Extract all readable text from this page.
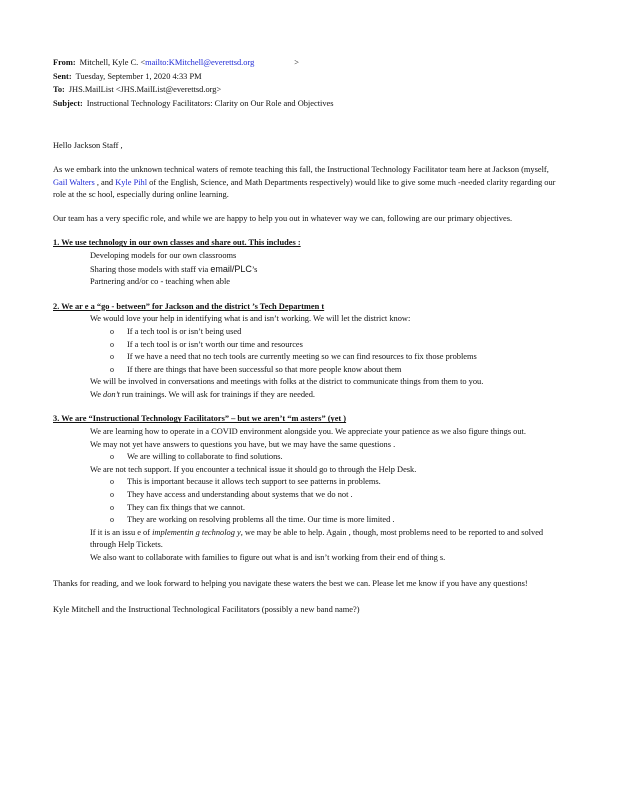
From: Mitchell, Kyle C. <mailto:KMitchell@everettsd.org	>
Sent: Tuesday, September 1, 2020 4:33 PM
To: JHS.MailList <JHS.MailList@everettsd.org>
Subject: Instructional Technology Facilitators: Clarity on Our Role and Objectives

Hello Jackson Staff ,

As we embark into the unknown technical waters of remote teaching this fall, the Instructional Technology Facilitator team here at Jackson (myself, Gail Walters , and Kyle Pihl of the English, Science, and Math Departments respectively) would like to give some much -needed clarity regarding our role at the sc hool, especially during online learning.

Our team has a very specific role, and while we are happy to help you out in whatever way we can, following are our primary objectives.

1. We use technology in our own classes and share out. This includes :
Developing models for our own classrooms
Sharing those models with staff via email/PLC’s
Partnering and/or co - teaching when able
2. We ar e a “go - between” for Jackson and the district ’s Tech Departmen t
We would love your help in identifying what is and isn’t working. We will let the district know:
o If a tech tool is or isn’t being used
o If a tech tool is or isn’t worth our time and resources
o If we have a need that no tech tools are currently meeting so we can find resources to fix those problems
o If there are things that have been successful so that more people know about them
We will be involved in conversations and meetings with folks at the district to communicate things from them to you.
We don’t run trainings. We will ask for trainings if they are needed.
3. We are “Instructional Technology Facilitators” – but we aren’t “m asters” (yet )
We are learning how to operate in a COVID environment alongside you. We appreciate your patience as we also figure things out.
We may not yet have answers to questions you have, but we may have the same questions .
o We are willing to collaborate to find solutions.
We are not tech support. If you encounter a technical issue it should go to through the Help Desk.
o This is important because it allows tech support to see patterns in problems.
o They have access and understanding about systems that we do not .
o They can fix things that we cannot.
o They are working on resolving problems all the time. Our time is more limited .
If it is an issu e of implementin g technolog y, we may be able to help. Again , though, most problems need to be reported to and solved through Help Tickets.
We also want to collaborate with families to figure out what is and isn’t working from their end of thing s.

Thanks for reading, and we look forward to helping you navigate these waters the best we can. Please let me know if you have any questions!

Kyle Mitchell and the Instructional Technological Facilitators (possibly a new band name?)
